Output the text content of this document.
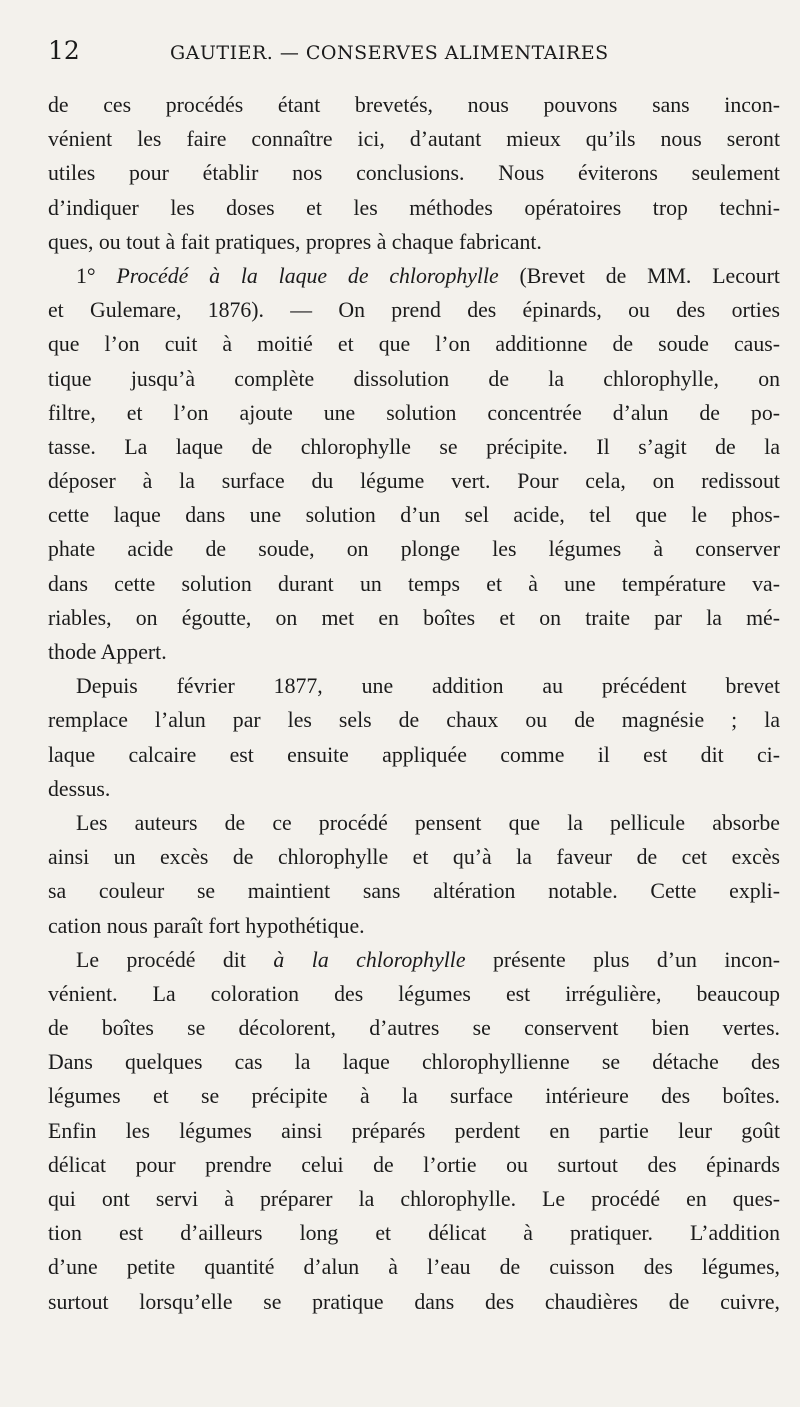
12	GAUTIER. — CONSERVES ALIMENTAIRES

de ces procédés étant brevetés, nous pouvons sans incon-
vénient les faire connaître ici, d’autant mieux qu’ils nous seront
utiles pour établir nos conclusions. Nous éviterons seulement
d’indiquer les doses et les méthodes opératoires trop techni-
ques, ou tout à fait pratiques, propres à chaque fabricant.

1° Procédé à la laque de chlorophylle (Brevet de MM. Lecourt
et Gulemare, 1876). — On prend des épinards, ou des orties
que l’on cuit à moitié et que l’on additionne de soude caus-
tique jusqu’à complète dissolution de la chlorophylle, on
filtre, et l’on ajoute une solution concentrée d’alun de po-
tasse. La laque de chlorophylle se précipite. Il s’agit de la
déposer à la surface du légume vert. Pour cela, on redissout
cette laque dans une solution d’un sel acide, tel que le phos-
phate acide de soude, on plonge les légumes à conserver
dans cette solution durant un temps et à une température va-
riables, on égoutte, on met en boîtes et on traite par la mé-
thode Appert.

Depuis février 1877, une addition au précédent brevet
remplace l’alun par les sels de chaux ou de magnésie ; la
laque calcaire est ensuite appliquée comme il est dit ci-
dessus.

Les auteurs de ce procédé pensent que la pellicule absorbe
ainsi un excès de chlorophylle et qu’à la faveur de cet excès
sa couleur se maintient sans altération notable. Cette expli-
cation nous paraît fort hypothétique.

Le procédé dit à la chlorophylle présente plus d’un incon-
vénient. La coloration des légumes est irrégulière, beaucoup
de boîtes se décolorent, d’autres se conservent bien vertes.
Dans quelques cas la laque chlorophyllienne se détache des
légumes et se précipite à la surface intérieure des boîtes.
Enfin les légumes ainsi préparés perdent en partie leur goût
délicat pour prendre celui de l’ortie ou surtout des épinards
qui ont servi à préparer la chlorophylle. Le procédé en ques-
tion est d’ailleurs long et délicat à pratiquer. L’addition
d’une petite quantité d’alun à l’eau de cuisson des légumes,
surtout lorsqu’elle se pratique dans des chaudières de cuivre,
